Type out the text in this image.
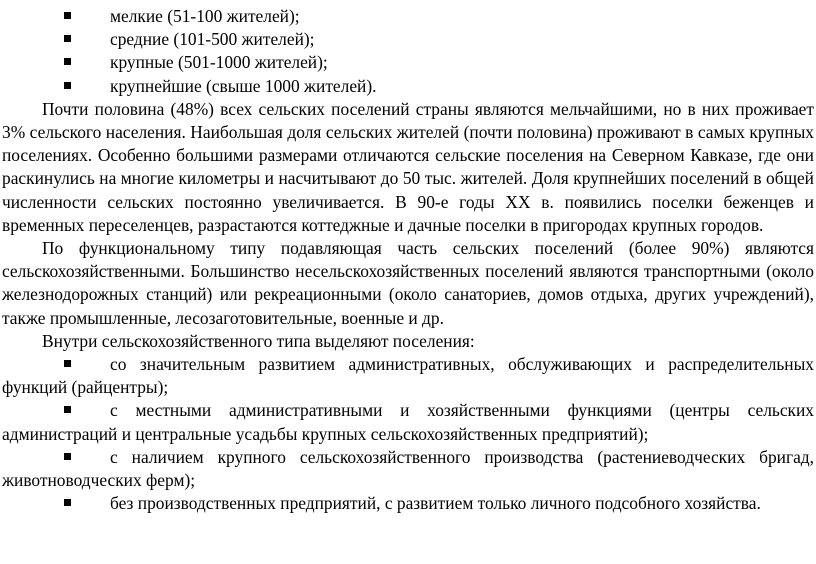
мелкие (51-100 жителей);
средние (101-500 жителей);
крупные (501-1000 жителей);
крупнейшие (свыше 1000 жителей).

Почти половина (48%) всех сельских поселений страны являются мельчайшими, но в них проживает 3% сельского населения. Наибольшая доля сельских жителей (почти половина) проживают в самых крупных поселениях. Особенно большими размерами отличаются сельские поселения на Северном Кавказе, где они раскинулись на многие километры и насчитывают до 50 тыс. жителей. Доля крупнейших поселений в общей численности сельских постоянно увеличивается. В 90-е годы XX в. появились поселки беженцев и временных переселенцев, разрастаются коттеджные и дачные поселки в пригородах крупных городов.

По функциональному типу подавляющая часть сельских поселений (более 90%) являются сельскохозяйственными. Большинство несельскохозяйственных поселений являются транспортными (около железнодорожных станций) или рекреационными (около санаториев, домов отдыха, других учреждений), также промышленные, лесозаготовительные, военные и др.

Внутри сельскохозяйственного типа выделяют поселения:

со значительным развитием административных, обслуживающих и распределительных функций (райцентры);

с местными административными и хозяйственными функциями (центры сельских администраций и центральные усадьбы крупных сельскохозяйственных предприятий);

с наличием крупного сельскохозяйственного производства (растениеводческих бригад, животноводческих ферм);

без производственных предприятий, с развитием только личного подсобного хозяйства.
